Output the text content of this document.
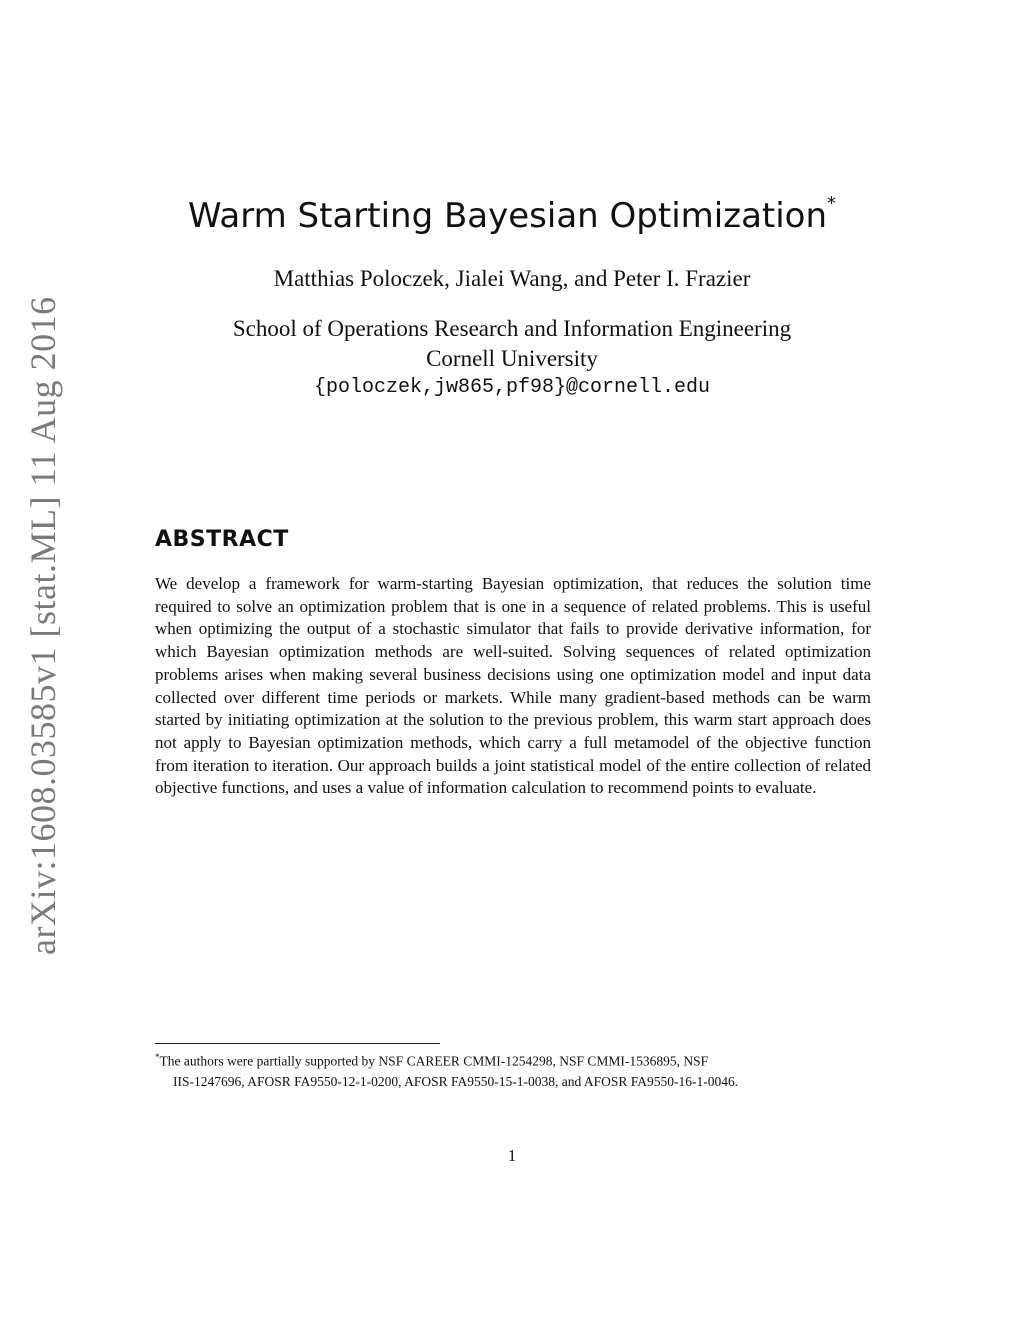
arXiv:1608.03585v1 [stat.ML] 11 Aug 2016
Warm Starting Bayesian Optimization*
Matthias Poloczek, Jialei Wang, and Peter I. Frazier
School of Operations Research and Information Engineering
Cornell University
{poloczek,jw865,pf98}@cornell.edu
ABSTRACT
We develop a framework for warm-starting Bayesian optimization, that reduces the solution time required to solve an optimization problem that is one in a sequence of related problems. This is useful when optimizing the output of a stochastic simulator that fails to provide derivative information, for which Bayesian optimization methods are well-suited. Solving sequences of related optimization problems arises when making several business decisions using one optimization model and input data collected over different time periods or markets. While many gradient-based methods can be warm started by initiating optimization at the solution to the previous problem, this warm start approach does not apply to Bayesian optimization methods, which carry a full metamodel of the objective function from iteration to iteration. Our approach builds a joint statistical model of the entire collection of related objective functions, and uses a value of information calculation to recommend points to evaluate.
*The authors were partially supported by NSF CAREER CMMI-1254298, NSF CMMI-1536895, NSF
IIS-1247696, AFOSR FA9550-12-1-0200, AFOSR FA9550-15-1-0038, and AFOSR FA9550-16-1-0046.
1
